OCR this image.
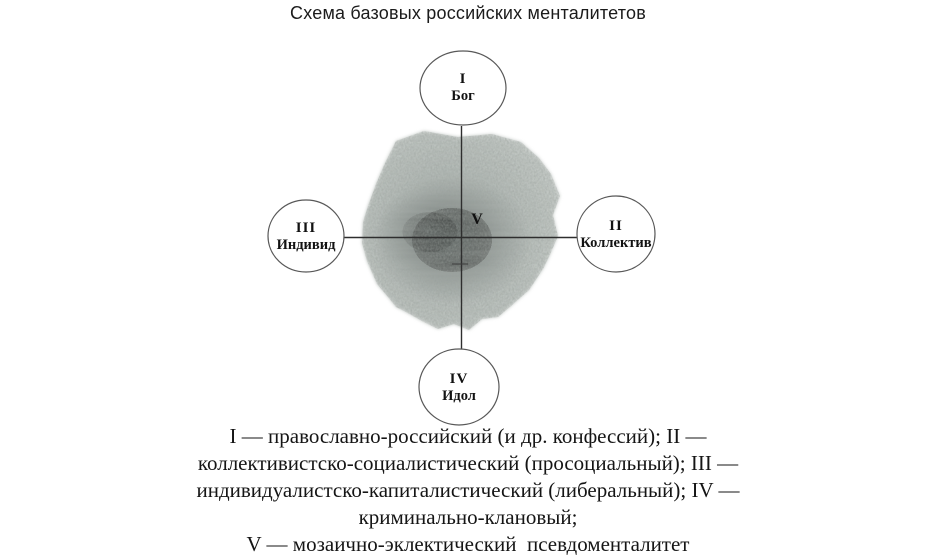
Схема базовых российских менталитетов
I
Бог
II
Коллектив
III
Индивид
IV
Идол
V
I — православно-российский (и др. конфессий); II —
коллективистско-социалистический (просоциальный); III —
индивидуалистско-капиталистический (либеральный); IV —
криминально-клановый;
V — мозаично-эклектический  псевдоменталитет
